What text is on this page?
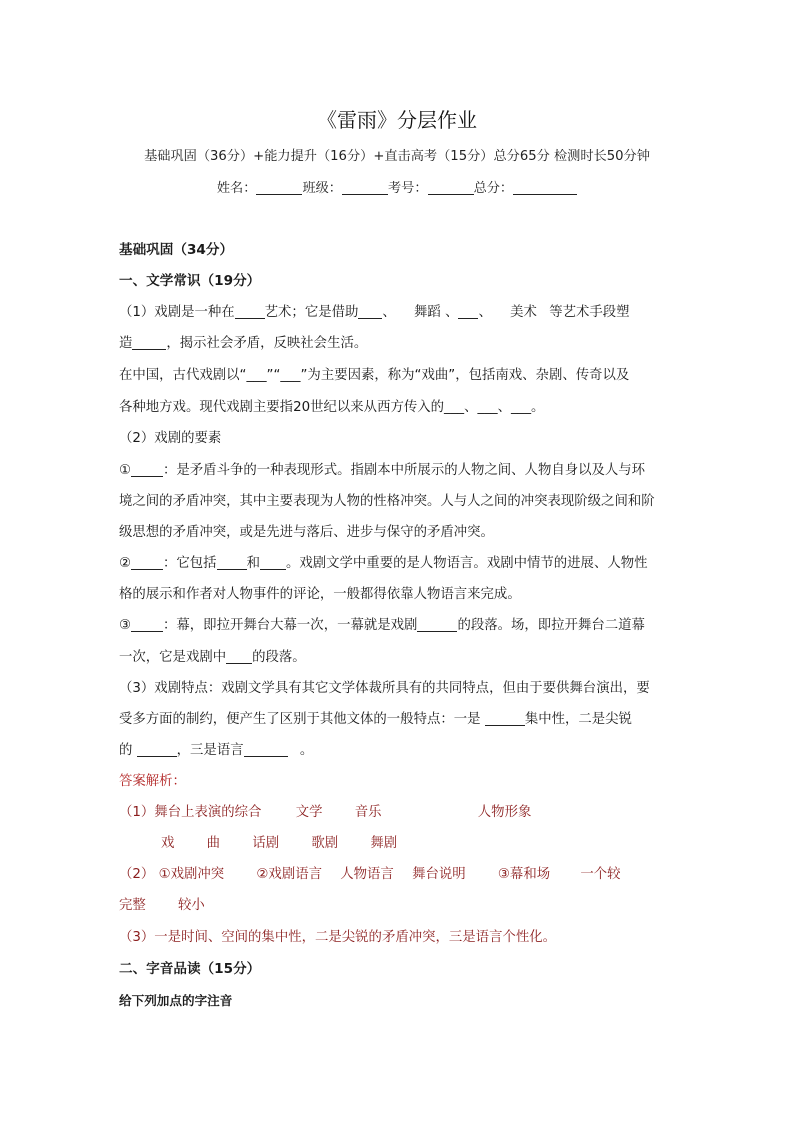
《雷雨》分层作业
基础巩固（36分）+能力提升（16分）+直击高考（15分）总分65分 检测时长50分钟
姓名：	班级：	考号：	总分：
基础巩固（34分）
一、文学常识（19分）
（1）戏剧是一种在 艺术；它是借助 、 舞蹈 、 、 美术 等艺术手段塑
造	，揭示社会矛盾，反映社会生活。
在中国，古代戏剧以“___”“___”为主要因素，称为“戏曲”，包括南戏、杂剧、传奇以及
各种地方戏。现代戏剧主要指20世纪以来从西方传入的___、___、___。
（2）戏剧的要素
① ：是矛盾斗争的一种表现形式。指剧本中所展示的人物之间、人物自身以及人与环
境之间的矛盾冲突，其中主要表现为人物的性格冲突。人与人之间的冲突表现阶级之间和阶
级思想的矛盾冲突，或是先进与落后、进步与保守的矛盾冲突。
② ：它包括 和 。戏剧文学中重要的是人物语言。戏剧中情节的进展、人物性
格的展示和作者对人物事件的评论，一般都得依靠人物语言来完成。
③ ：幕，即拉开舞台大幕一次，一幕就是戏剧	的段落。场，即拉开舞台二道幕
一次，它是戏剧中 的段落。
（3）戏剧特点：戏剧文学具有其它文学体裁所具有的共同特点，但由于要供舞台演出，要
受多方面的制约，便产生了区别于其他文体的一般特点：一是	集中性，二是尖锐
的	，三是语言	。
答案解析：
（1）舞台上表演的综合	文学 音乐	人物形象
戏 曲 话剧 歌剧 舞剧
（2） ①戏剧冲突 ②戏剧语言 人物语言 舞台说明 ③幕和场 一个较
完整 较小
（3）一是时间、空间的集中性，二是尖锐的矛盾冲突，三是语言个性化。
二、字音品读（15分）
给下列加点的字注音
